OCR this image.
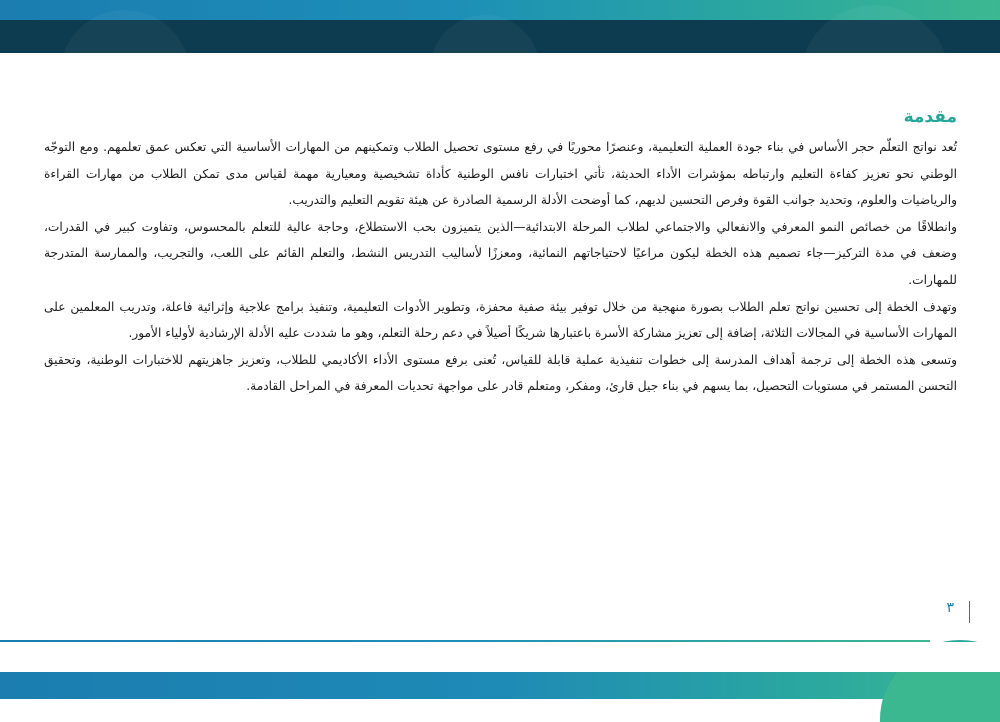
مقدمة

تُعد نواتج التعلّم حجر الأساس في بناء جودة العملية التعليمية، وعنصرًا محوريًا في رفع مستوى تحصيل الطلاب وتمكينهم من المهارات الأساسية التي تعكس عمق تعلمهم. ومع التوجّه الوطني نحو تعزيز كفاءة التعليم وارتباطه بمؤشرات الأداء الحديثة، تأتي اختبارات نافس الوطنية كأداة تشخيصية ومعيارية مهمة لقياس مدى تمكن الطلاب من مهارات القراءة والرياضيات والعلوم، وتحديد جوانب القوة وفرص التحسين لديهم، كما أوضحت الأدلة الرسمية الصادرة عن هيئة تقويم التعليم والتدريب.

وانطلاقًا من خصائص النمو المعرفي والانفعالي والاجتماعي لطلاب المرحلة الابتدائية—الذين يتميزون بحب الاستطلاع، وحاجة عالية للتعلم بالمحسوس، وتفاوت كبير في القدرات، وضعف في مدة التركيز—جاء تصميم هذه الخطة ليكون مراعيًا لاحتياجاتهم النمائية، ومعززًا لأساليب التدريس النشط، والتعلم القائم على اللعب، والتجريب، والممارسة المتدرجة للمهارات.

وتهدف الخطة إلى تحسين نواتج تعلم الطلاب بصورة منهجية من خلال توفير بيئة صفية محفزة، وتطوير الأدوات التعليمية، وتنفيذ برامج علاجية وإثرائية فاعلة، وتدريب المعلمين على المهارات الأساسية في المجالات الثلاثة، إضافة إلى تعزيز مشاركة الأسرة باعتبارها شريكًا أصيلاً في دعم رحلة التعلم، وهو ما شددت عليه الأدلة الإرشادية لأولياء الأمور.

وتسعى هذه الخطة إلى ترجمة أهداف المدرسة إلى خطوات تنفيذية عملية قابلة للقياس، تُعنى برفع مستوى الأداء الأكاديمي للطلاب، وتعزيز جاهزيتهم للاختبارات الوطنية، وتحقيق التحسن المستمر في مستويات التحصيل، بما يسهم في بناء جيل قارئ، ومفكر، ومتعلم قادر على مواجهة تحديات المعرفة في المراحل القادمة.

٣
